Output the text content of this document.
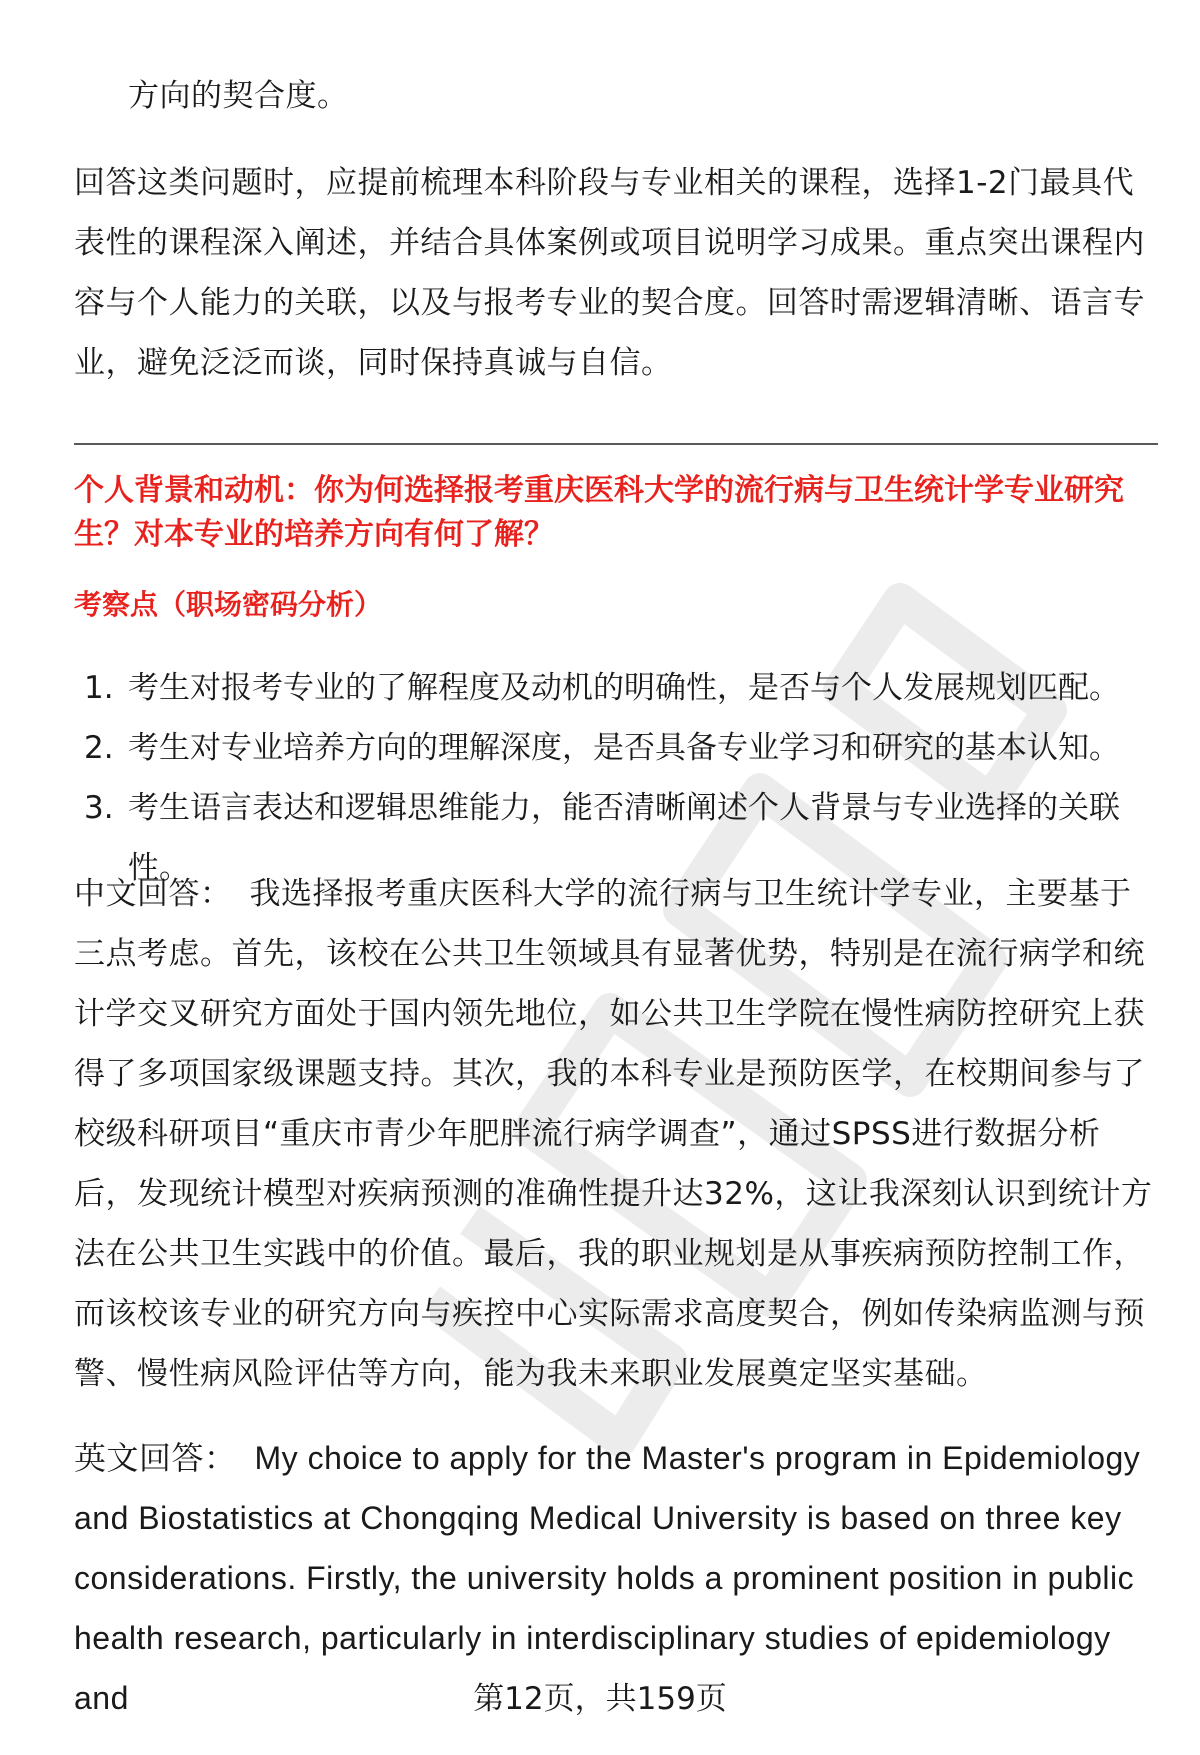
方向的契合度。

回答这类问题时，应提前梳理本科阶段与专业相关的课程，选择1-2门最具代表性的课程深入阐述，并结合具体案例或项目说明学习成果。重点突出课程内容与个人能力的关联，以及与报考专业的契合度。回答时需逻辑清晰、语言专业，避免泛泛而谈，同时保持真诚与自信。

个人背景和动机：你为何选择报考重庆医科大学的流行病与卫生统计学专业研究生？对本专业的培养方向有何了解？

考察点（职场密码分析）

1. 考生对报考专业的了解程度及动机的明确性，是否与个人发展规划匹配。
2. 考生对专业培养方向的理解深度，是否具备专业学习和研究的基本认知。
3. 考生语言表达和逻辑思维能力，能否清晰阐述个人背景与专业选择的关联性。

中文回答： 我选择报考重庆医科大学的流行病与卫生统计学专业，主要基于三点考虑。首先，该校在公共卫生领域具有显著优势，特别是在流行病学和统计学交叉研究方面处于国内领先地位，如公共卫生学院在慢性病防控研究上获得了多项国家级课题支持。其次，我的本科专业是预防医学，在校期间参与了校级科研项目“重庆市青少年肥胖流行病学调查”，通过SPSS进行数据分析后，发现统计模型对疾病预测的准确性提升达32%，这让我深刻认识到统计方法在公共卫生实践中的价值。最后，我的职业规划是从事疾病预防控制工作，而该校该专业的研究方向与疾控中心实际需求高度契合，例如传染病监测与预警、慢性病风险评估等方向，能为我未来职业发展奠定坚实基础。

英文回答： My choice to apply for the Master's program in Epidemiology and Biostatistics at Chongqing Medical University is based on three key considerations. Firstly, the university holds a prominent position in public health research, particularly in interdisciplinary studies of epidemiology and	第12页，共159页
